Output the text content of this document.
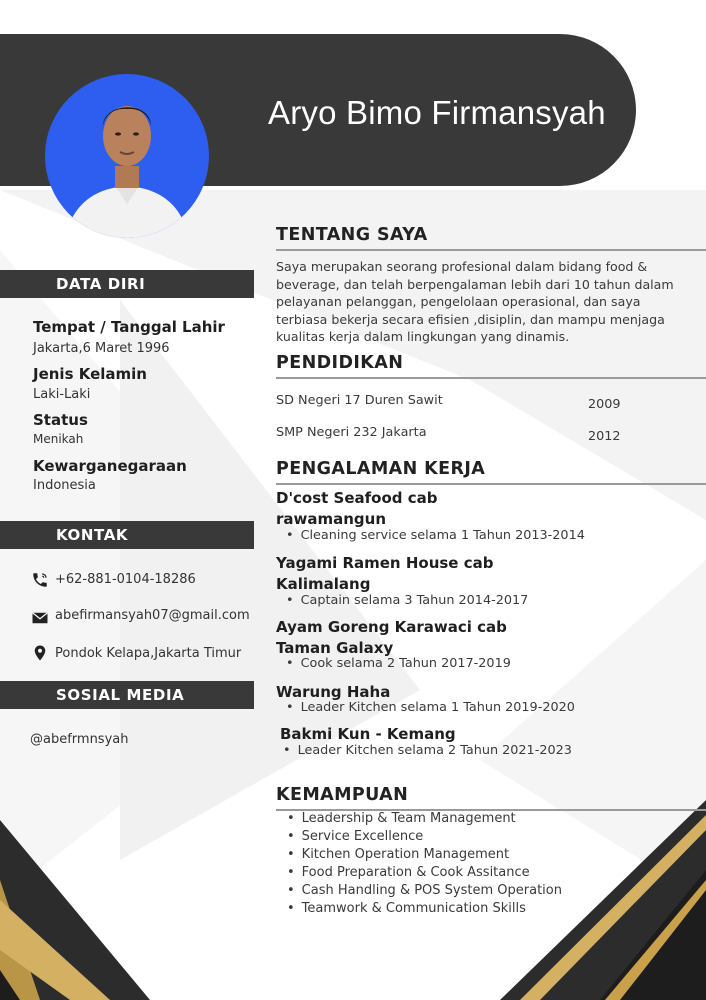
Aryo Bimo Firmansyah
DATA DIRI
Tempat / Tanggal Lahir
Jakarta,6 Maret 1996
Jenis Kelamin
Laki-Laki
Status
Menikah
Kewarganegaraan
Indonesia
KONTAK
+62-881-0104-18286
abefirmansyah07@gmail.com
Pondok Kelapa,Jakarta Timur
SOSIAL MEDIA
@abefrmnsyah
TENTANG SAYA
Saya merupakan seorang profesional dalam bidang food & beverage, dan telah berpengalaman lebih dari 10 tahun dalam pelayanan pelanggan, pengelolaan operasional, dan saya terbiasa bekerja secara efisien ,disiplin, dan mampu menjaga kualitas kerja dalam lingkungan yang dinamis.
PENDIDIKAN
SD Negeri 17 Duren Sawit	2009
SMP Negeri 232 Jakarta	2012
PENGALAMAN KERJA
D'cost Seafood cab
rawamangun
• Cleaning service selama 1 Tahun 2013-2014
Yagami Ramen House cab
Kalimalang
• Captain selama 3 Tahun 2014-2017
Ayam Goreng Karawaci cab
Taman Galaxy
• Cook selama 2 Tahun 2017-2019
Warung Haha
• Leader Kitchen selama 1 Tahun 2019-2020
Bakmi Kun - Kemang
• Leader Kitchen selama 2 Tahun 2021-2023
KEMAMPUAN
• Leadership & Team Management
• Service Excellence
• Kitchen Operation Management
• Food Preparation & Cook Assitance
• Cash Handling & POS System Operation
• Teamwork & Communication Skills
